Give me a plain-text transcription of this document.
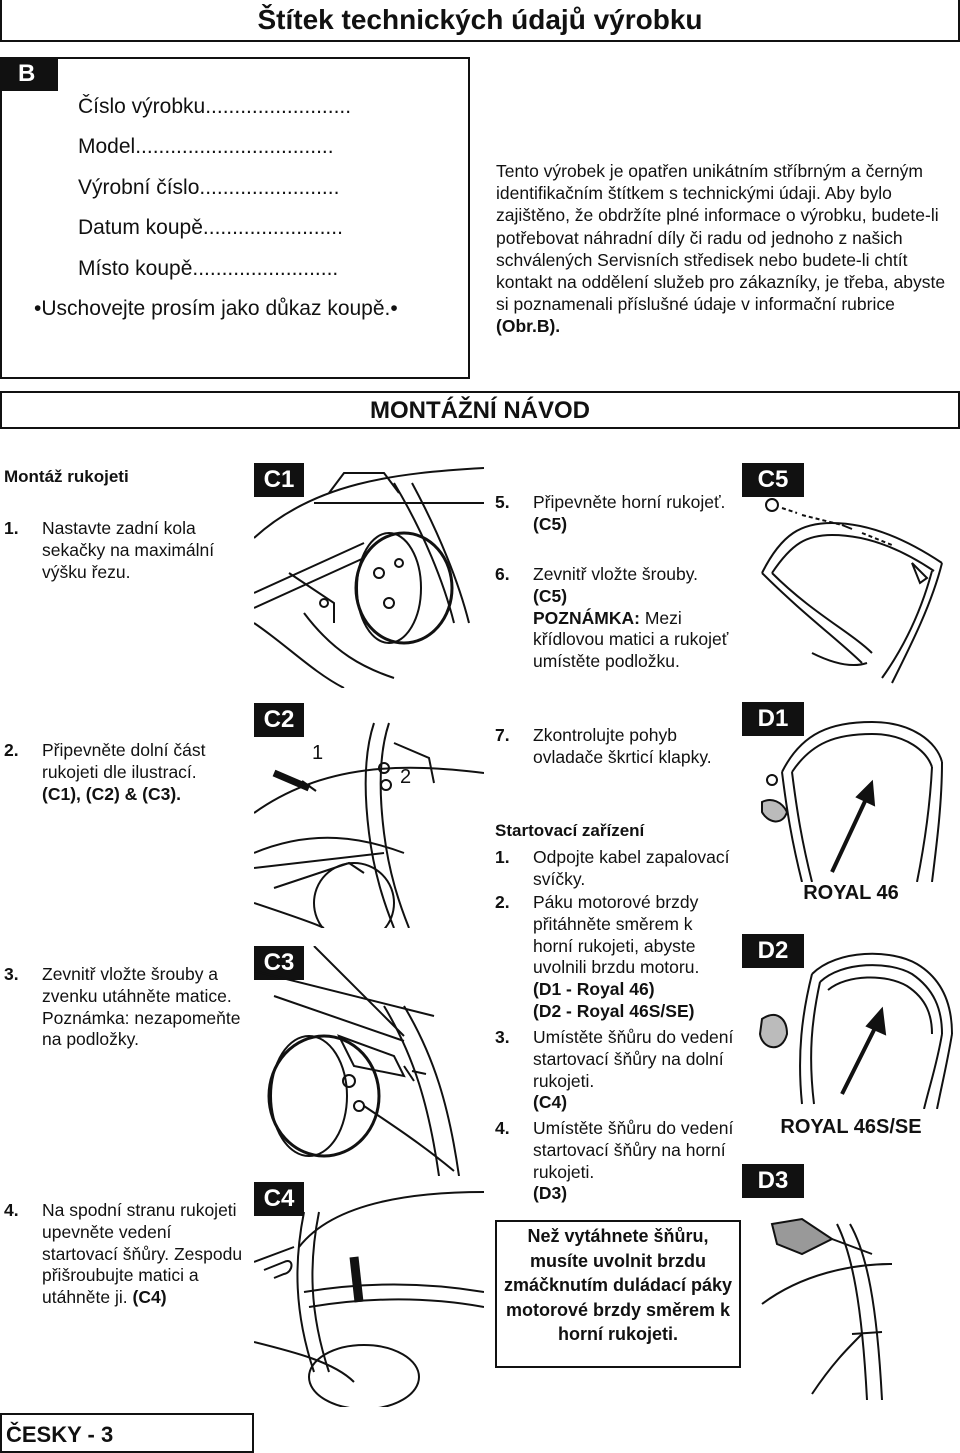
Štítek technických údajů výrobku
B
Číslo výrobku.........................
Model..................................
Výrobní číslo........................
Datum koupě........................
Místo koupě.........................
•Uschovejte prosím jako důkaz koupě.•
Tento výrobek je opatřen unikátním stříbrným a černým identifikačním štítkem s technickými údaji. Aby bylo zajištěno, že obdržíte plné informace o výrobku, budete-li potřebovat náhradní díly či radu od jednoho z našich schválených Servisních středisek nebo budete-li chtít kontakt na oddělení služeb pro zákazníky, je třeba, abyste si poznamenali příslušné údaje v informační rubrice (Obr.B).
MONTÁŽNÍ NÁVOD
Montáž rukojeti
1. Nastavte zadní kola sekačky na maximální výšku řezu.
2. Připevněte dolní část rukojeti dle ilustrací.
(C1), (C2) & (C3).
3. Zevnitř vložte šrouby a zvenku utáhněte matice. Poznámka: nezapomeňte na podložky.
4. Na spodní stranu rukojeti upevněte vedení startovací šňůry. Zespodu přišroubujte matici a utáhněte ji. (C4)
5. Připevněte horní rukojeť. (C5)
6. Zevnitř vložte šrouby.
(C5)
POZNÁMKA: Mezi křídlovou matici a rukojeť umístěte podložku.
7. Zkontrolujte pohyb ovladače škrticí klapky.
Startovací zařízení
1. Odpojte kabel zapalovací svíčky.
2. Páku motorové brzdy přitáhněte směrem k horní rukojeti, abyste uvolnili brzdu motoru.
(D1 - Royal 46)
(D2 - Royal 46S/SE)
3. Umístěte šňůru do vedení startovací šňůry na dolní rukojeti.
(C4)
4. Umístěte šňůru do vedení startovací šňůry na horní rukojeti.
(D3)
Než vytáhnete šňůru, musíte uvolnit brzdu zmáčknutím duládací páky motorové brzdy směrem k horní rukojeti.
C1
C2
1
2
C3
C4
C5
D1
ROYAL 46
D2
ROYAL 46S/SE
D3
ČESKY - 3
